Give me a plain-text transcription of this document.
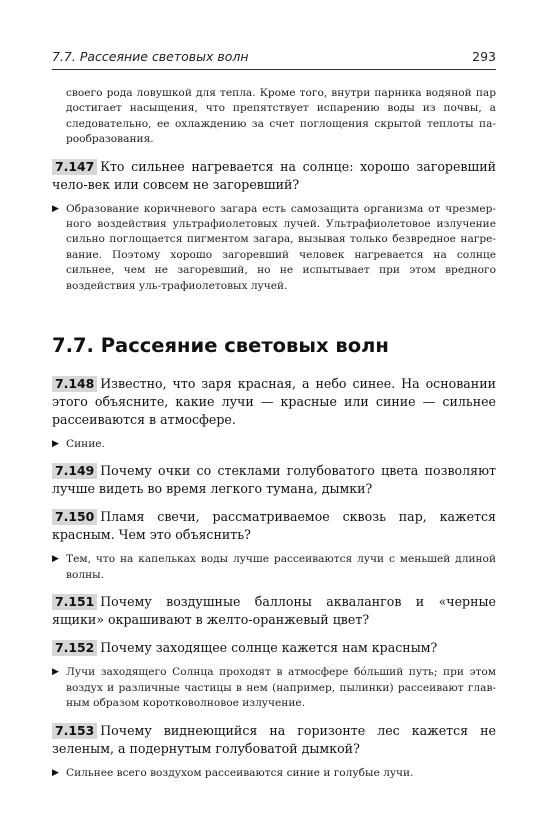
7.7. Рассеяние световых волн	293
своего рода ловушкой для тепла. Кроме того, внутри парника водяной пар достигает насыщения, что препятствует испарению воды из почвы, а следовательно, ее охлаждению за счет поглощения скрытой теплоты па- рообразования.
7.147 Кто сильнее нагревается на солнце: хорошо загоревший чело-век или совсем не загоревший?
▶ Образование коричневого загара есть самозащита организма от чрезмер-ного воздействия ультрафиолетовых лучей. Ультрафиолетовое излучение сильно поглощается пигментом загара, вызывая только безвредное нагре-вание. Поэтому хорошо загоревший человек нагревается на солнце сильнее, чем не загоревший, но не испытывает при этом вредного воздействия уль-трафиолетовых лучей.
7.7. Рассеяние световых волн
7.148 Известно, что заря красная, а небо синее. На основании этого объясните, какие лучи — красные или синие — сильнее рассеиваются в атмосфере.
▶ Синие.
7.149 Почему очки со стеклами голубоватого цвета позволяют лучше видеть во время легкого тумана, дымки?
7.150 Пламя свечи, рассматриваемое сквозь пар, кажется красным. Чем это объяснить?
▶ Тем, что на капельках воды лучше рассеиваются лучи с меньшей длиной волны.
7.151 Почему воздушные баллоны аквалангов и «черные ящики» окрашивают в желто-оранжевый цвет?
7.152 Почему заходящее солнце кажется нам красным?
▶ Лучи заходящего Солнца проходят в атмосфере бо́льший путь; при этом воздух и различные частицы в нем (например, пылинки) рассеивают глав-ным образом коротковолновое излучение.
7.153 Почему виднеющийся на горизонте лес кажется не зеленым, а подернутым голубоватой дымкой?
▶ Сильнее всего воздухом рассеиваются синие и голубые лучи.
